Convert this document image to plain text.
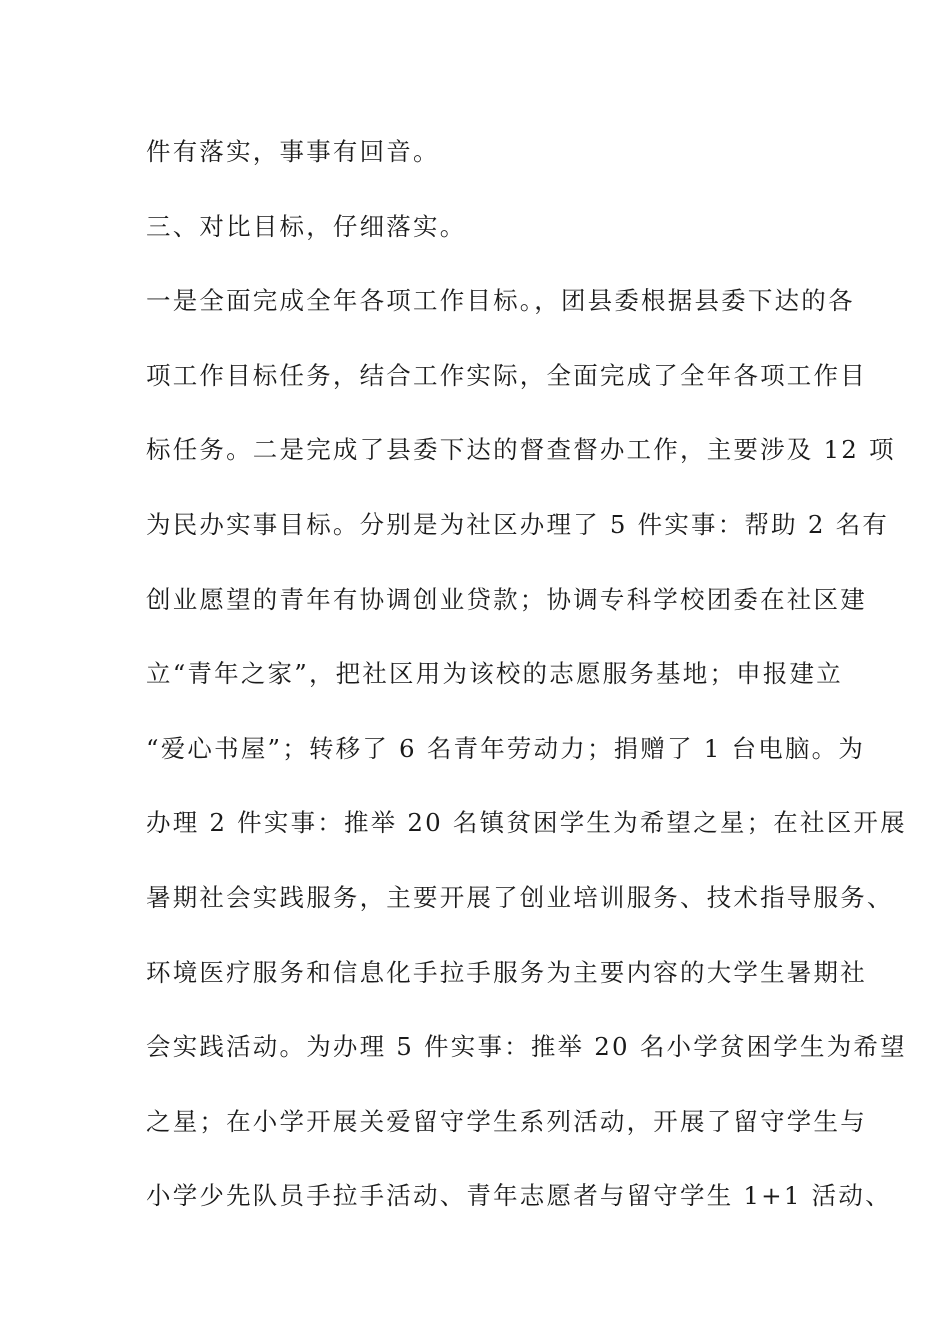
件有落实，事事有回音。
三、对比目标，仔细落实。
一是全面完成全年各项工作目标。，团县委根据县委下达的各
项工作目标任务，结合工作实际，全面完成了全年各项工作目
标任务。二是完成了县委下达的督查督办工作，主要涉及 12 项
为民办实事目标。分别是为社区办理了 5 件实事：帮助 2 名有
创业愿望的青年有协调创业贷款；协调专科学校团委在社区建
立“青年之家”，把社区用为该校的志愿服务基地；申报建立
“爱心书屋”；转移了 6 名青年劳动力；捐赠了 1 台电脑。为
办理 2 件实事：推举 20 名镇贫困学生为希望之星；在社区开展
暑期社会实践服务，主要开展了创业培训服务、技术指导服务、
环境医疗服务和信息化手拉手服务为主要内容的大学生暑期社
会实践活动。为办理 5 件实事：推举 20 名小学贫困学生为希望
之星；在小学开展关爱留守学生系列活动，开展了留守学生与
小学少先队员手拉手活动、青年志愿者与留守学生 1+1 活动、
